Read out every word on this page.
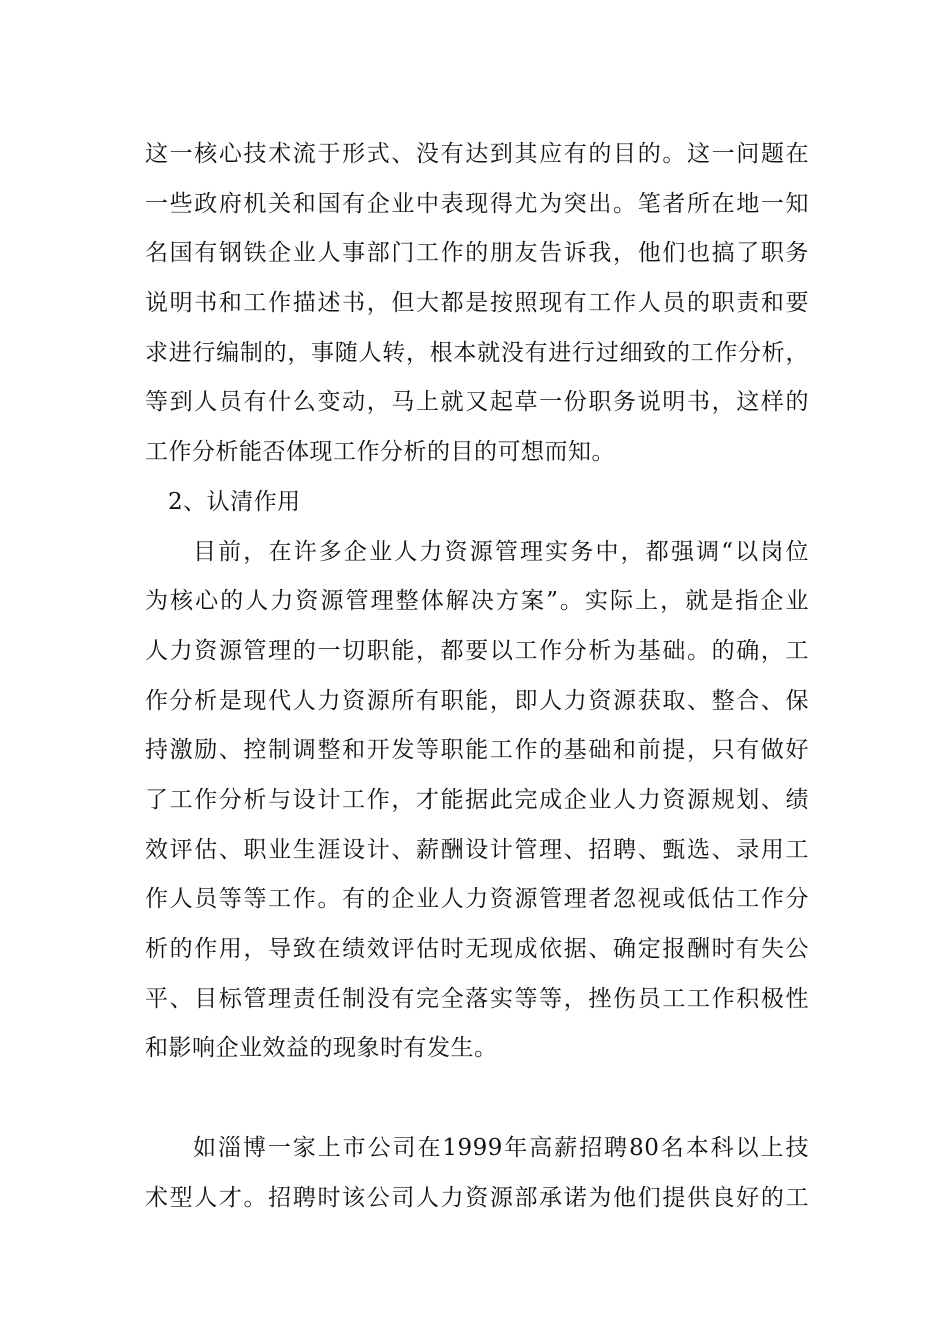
这一核心技术流于形式、没有达到其应有的目的。这一问题在
一些政府机关和国有企业中表现得尤为突出。笔者所在地一知
名国有钢铁企业人事部门工作的朋友告诉我，他们也搞了职务
说明书和工作描述书，但大都是按照现有工作人员的职责和要
求进行编制的，事随人转，根本就没有进行过细致的工作分析，
等到人员有什么变动，马上就又起草一份职务说明书，这样的
工作分析能否体现工作分析的目的可想而知。
2、认清作用
目前，在许多企业人力资源管理实务中，都强调“以岗位
为核心的人力资源管理整体解决方案”。实际上，就是指企业
人力资源管理的一切职能，都要以工作分析为基础。的确，工
作分析是现代人力资源所有职能，即人力资源获取、整合、保
持激励、控制调整和开发等职能工作的基础和前提，只有做好
了工作分析与设计工作，才能据此完成企业人力资源规划、绩
效评估、职业生涯设计、薪酬设计管理、招聘、甄选、录用工
作人员等等工作。有的企业人力资源管理者忽视或低估工作分
析的作用，导致在绩效评估时无现成依据、确定报酬时有失公
平、目标管理责任制没有完全落实等等，挫伤员工工作积极性
和影响企业效益的现象时有发生。
如淄博一家上市公司在1999年高薪招聘80名本科以上技
术型人才。招聘时该公司人力资源部承诺为他们提供良好的工
